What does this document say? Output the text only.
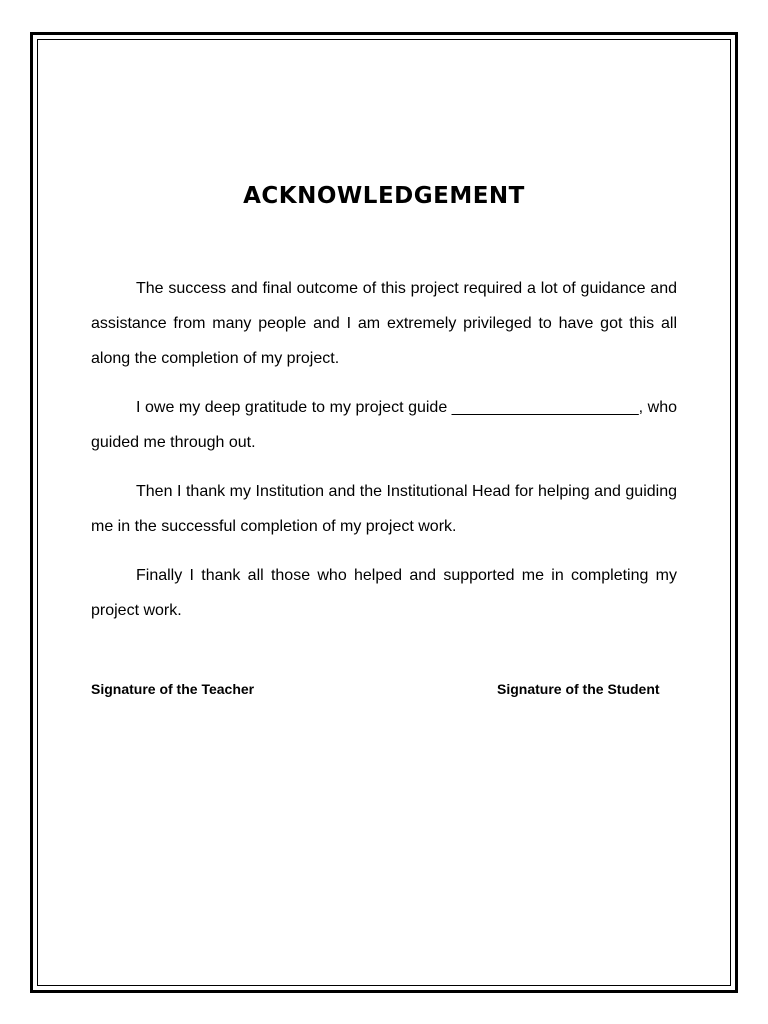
ACKNOWLEDGEMENT

The success and final outcome of this project required a lot of guidance and assistance from many people and I am extremely privileged to have got this all along the completion of my project.

I owe my deep gratitude to my project guide _____________________, who guided me through out.

Then I thank my Institution and the Institutional Head for helping and guiding me in the successful completion of my project work.

Finally I thank all those who helped and supported me in completing my project work.

Signature of the Teacher	Signature of the Student
